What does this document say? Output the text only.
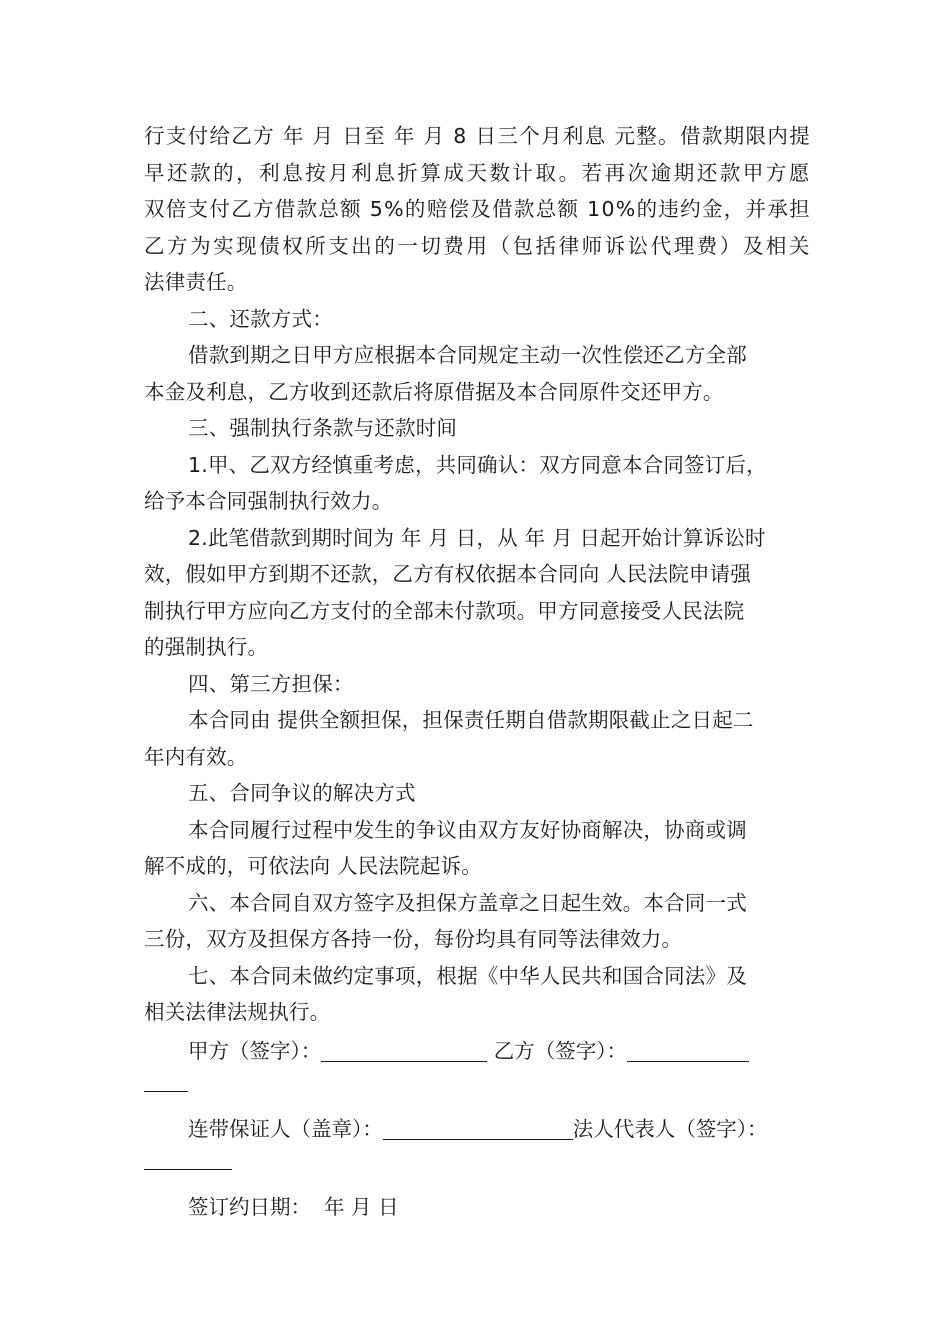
行 支 付 给 乙 方
年
月
日 至
年
月
8
日 三 个 月 利 息
元 整 。 借 款 期 限 内 提
早 还 款 的 ， 利 息 按 月 利 息 折 算 成 天 数 计 取 。 若 再 次 逾 期 还 款 甲 方 愿
双 倍 支 付 乙 方 借 款 总 额
5 % 的 赔 偿 及 借 款 总 额
1 0 % 的 违 约 金 ， 并 承 担
乙 方 为 实 现 债 权 所 支 出 的 一 切 费 用 （ 包 括 律 师 诉 讼 代 理 费 ） 及 相 关
法律责任。
二、还款方式：
借款到期之日甲方应根据本合同规定主动一次性偿还乙方全部
本金及利息，乙方收到还款后将原借据及本合同原件交还甲方。
三、强制执行条款与还款时间
1.甲、乙双方经慎重考虑，共同确认：双方同意本合同签订后，
给予本合同强制执行效力。
2.此笔借款到期时间为 年 月 日，从 年 月 日起开始计算诉讼时
效，假如甲方到期不还款，乙方有权依据本合同向 人民法院申请强
制执行甲方应向乙方支付的全部未付款项。甲方同意接受人民法院
的强制执行。
四、第三方担保：
本合同由 提供全额担保，担保责任期自借款期限截止之日起二
年内有效。
五、合同争议的解决方式
本合同履行过程中发生的争议由双方友好协商解决，协商或调
解不成的，可依法向 人民法院起诉。
六、本合同自双方签字及担保方盖章之日起生效。本合同一式
三份，双方及担保方各持一份，每份均具有同等法律效力。
七、本合同未做约定事项，根据《中华人民共和国合同法》及
相关法律法规执行。
甲方（签字）：	乙方（签字）：
连带保证人（盖章）：	法人代表人（签字）：
签订约日期：  年 月 日
